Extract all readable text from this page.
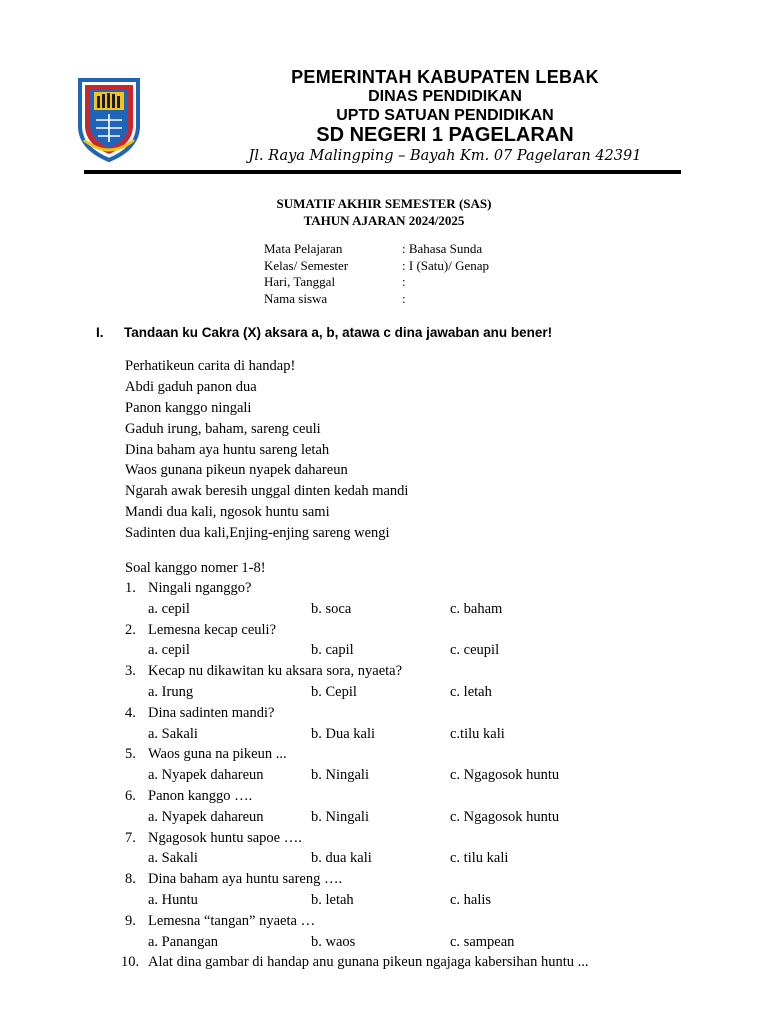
PEMERINTAH KABUPATEN LEBAK
DINAS PENDIDIKAN
UPTD SATUAN PENDIDIKAN
SD NEGERI 1 PAGELARAN
Jl. Raya Malingping – Bayah Km. 07 Pagelaran 42391
SUMATIF AKHIR SEMESTER (SAS)
TAHUN AJARAN 2024/2025
Mata Pelajaran	: Bahasa Sunda
Kelas/ Semester	: I (Satu)/ Genap
Hari, Tanggal	:
Nama siswa	:
I. Tandaan ku Cakra (X) aksara a, b, atawa c dina jawaban anu bener!
Perhatikeun carita di handap!
Abdi gaduh panon dua
Panon kanggo ningali
Gaduh irung, baham, sareng ceuli
Dina baham aya huntu sareng letah
Waos gunana pikeun nyapek dahareun
Ngarah awak beresih unggal dinten kedah mandi
Mandi dua kali, ngosok huntu sami
Sadinten dua kali,Enjing-enjing sareng wengi
Soal kanggo nomer 1-8!
1. Ningali nganggo?
a. cepil	b. soca	c. baham
2. Lemesna kecap ceuli?
a. cepil	b. capil	c. ceupil
3. Kecap nu dikawitan ku aksara sora, nyaeta?
a. Irung	b. Cepil	c. letah
4. Dina sadinten mandi?
a. Sakali	b. Dua kali	c.tilu kali
5. Waos guna na pikeun ...
a. Nyapek dahareun	b. Ningali	c. Ngagosok huntu
6. Panon kanggo ….
a. Nyapek dahareun	b. Ningali	c. Ngagosok huntu
7. Ngagosok huntu sapoe ….
a. Sakali	b. dua kali	c. tilu kali
8. Dina baham aya huntu sareng ….
a. Huntu	b. letah	c. halis
9. Lemesna “tangan” nyaeta …
a. Panangan	b. waos	c. sampean
10. Alat dina gambar di handap anu gunana pikeun ngajaga kabersihan huntu ...
